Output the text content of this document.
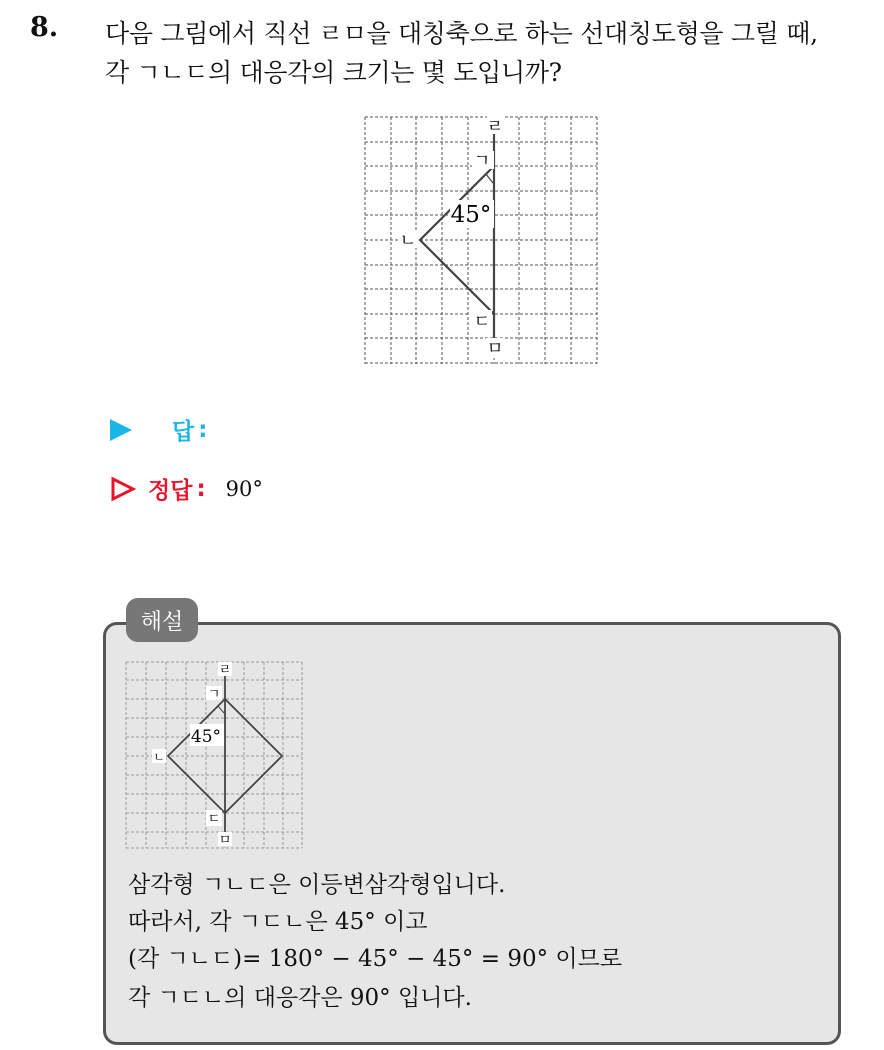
8. 다음 그림에서 직선 ㄹㅁ을 대칭축으로 하는 선대칭도형을 그릴 때,
각 ㄱㄴㄷ의 대응각의 크기는 몇 도입니까?
ㄹ
ㄱ
45°
ㄴ
ㄷ
ㅁ
답 :
정답 : 90°
해설
ㄹ
ㄱ
45°
ㄴ
ㄷ
ㅁ
삼각형 ㄱㄴㄷ은 이등변삼각형입니다.
따라서, 각 ㄱㄷㄴ은 45° 이고
(각 ㄱㄴㄷ)= 180° − 45° − 45° = 90° 이므로
각 ㄱㄷㄴ의 대응각은 90° 입니다.
